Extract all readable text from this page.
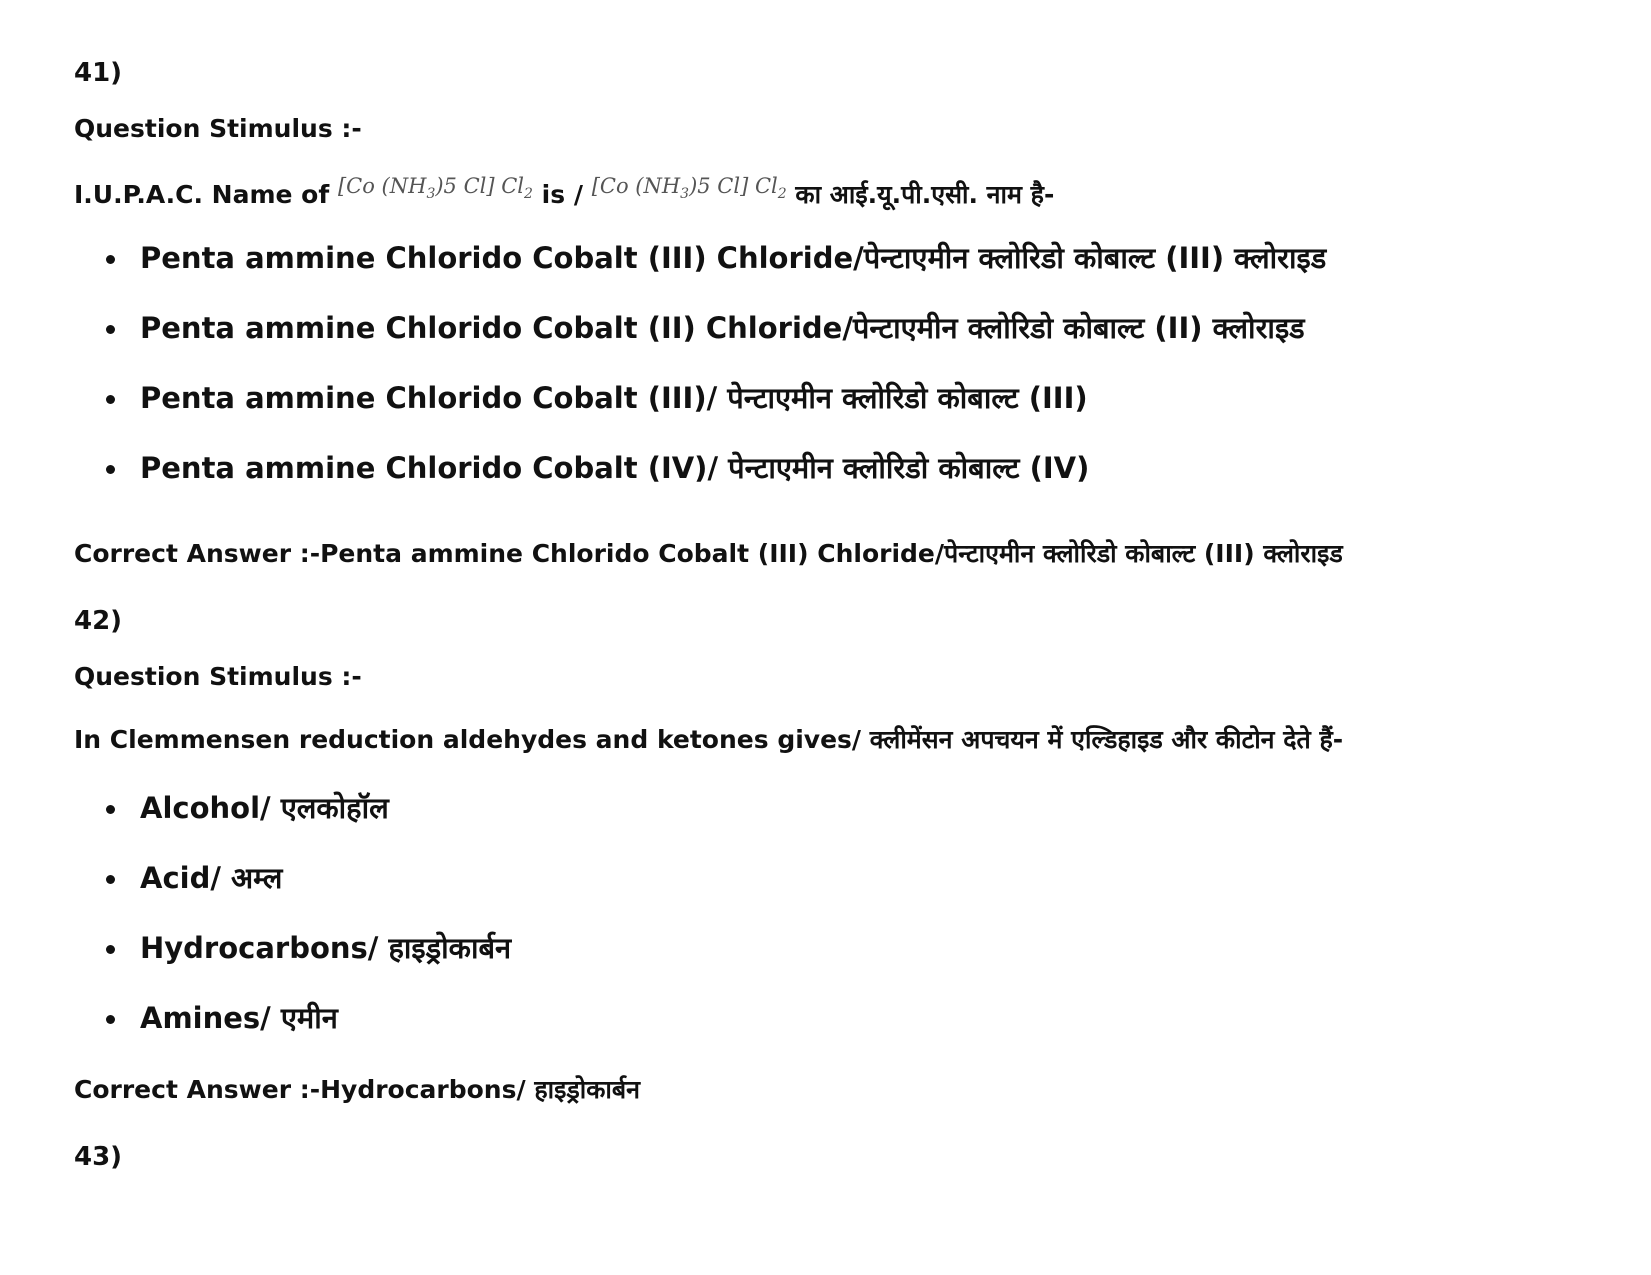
41)
Question Stimulus :-
I.U.P.A.C. Name of $^{[Co (NH_3)5 Cl] Cl_2}$ is / $^{[Co (NH_3)5 Cl] Cl_2}$ का आई.यू.पी.एसी. नाम है-
Penta ammine Chlorido Cobalt (III) Chloride/पेन्टाएमीन क्लोरिडो कोबाल्ट (III) क्लोराइड
Penta ammine Chlorido Cobalt (II) Chloride/पेन्टाएमीन क्लोरिडो कोबाल्ट (II) क्लोराइड
Penta ammine Chlorido Cobalt (III)/ पेन्टाएमीन क्लोरिडो कोबाल्ट (III)
Penta ammine Chlorido Cobalt (IV)/ पेन्टाएमीन क्लोरिडो कोबाल्ट (IV)
Correct Answer :-Penta ammine Chlorido Cobalt (III) Chloride/पेन्टाएमीन क्लोरिडो कोबाल्ट (III) क्लोराइड
42)
Question Stimulus :-
In Clemmensen reduction aldehydes and ketones gives/ क्लीमेंसन अपचयन में एल्डिहाइड और कीटोन देते हैं-
Alcohol/ एलकोहॉल
Acid/ अम्ल
Hydrocarbons/ हाइड्रोकार्बन
Amines/ एमीन
Correct Answer :-Hydrocarbons/ हाइड्रोकार्बन
43)
